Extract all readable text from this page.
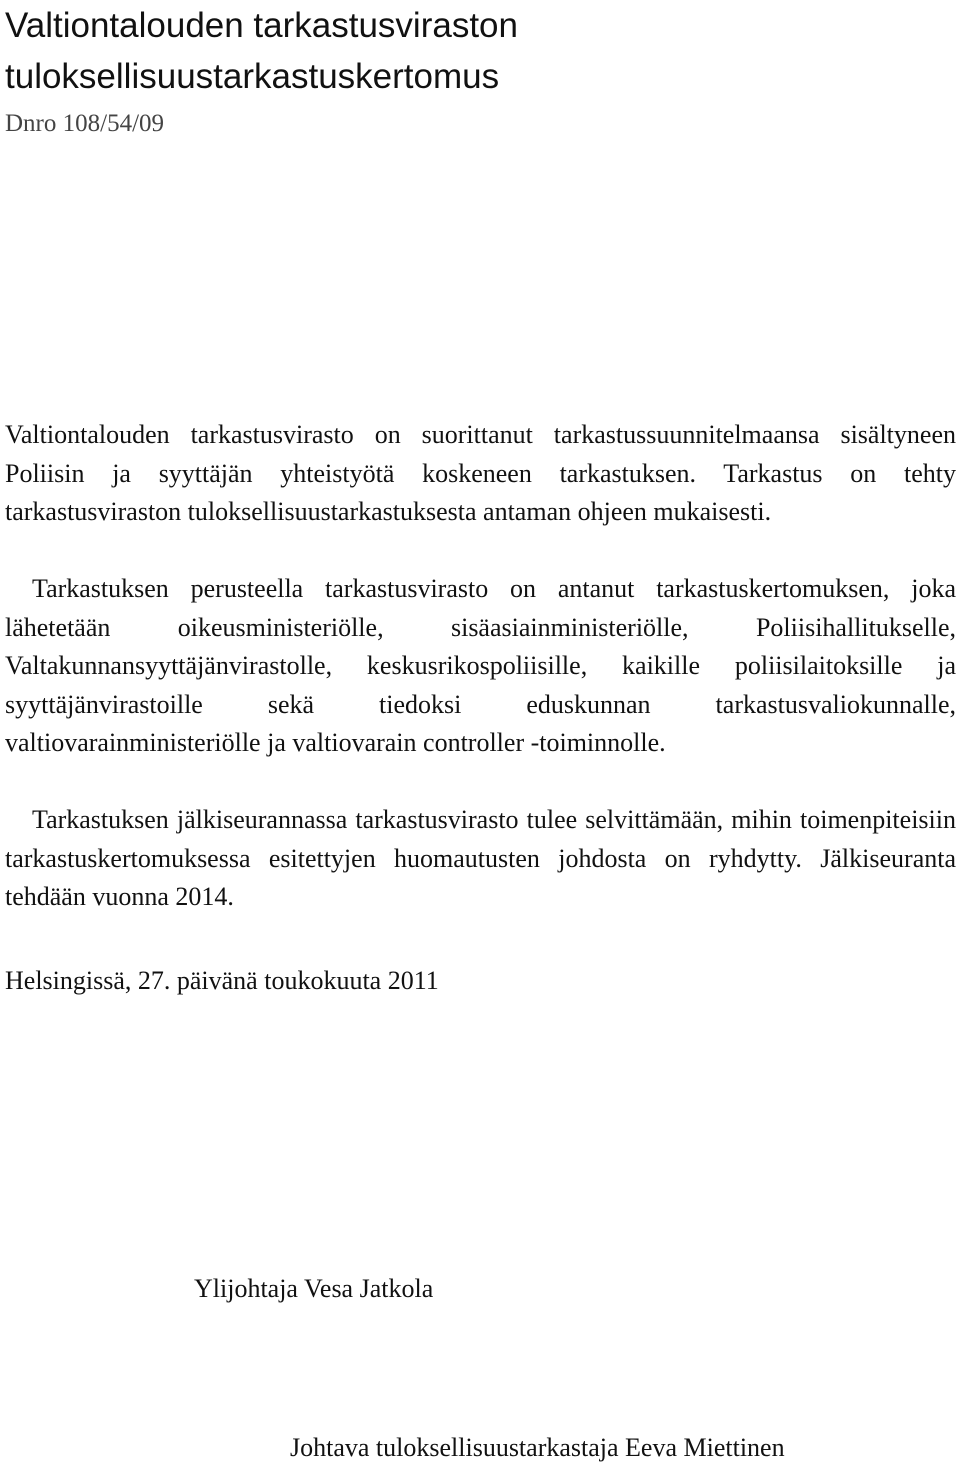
Valtiontalouden tarkastusviraston
tuloksellisuustarkastuskertomus
Dnro 108/54/09

Valtiontalouden tarkastusvirasto on suorittanut tarkastussuunnitelmaansa sisältyneen Poliisin ja syyttäjän yhteistyötä koskeneen tarkastuksen. Tarkastus on tehty tarkastusviraston tuloksellisuustarkastuksesta antaman ohjeen mukaisesti.

Tarkastuksen perusteella tarkastusvirasto on antanut tarkastuskertomuksen, joka lähetetään oikeusministeriölle, sisäasiainministeriölle, Poliisihallitukselle, Valtakunnansyyttäjänvirastolle, keskusrikospoliisille, kaikille poliisilaitoksille ja syyttäjänvirastoille sekä tiedoksi eduskunnan tarkastusvaliokunnalle, valtiovarainministeriölle ja valtiovarain controller -toiminnolle.

Tarkastuksen jälkiseurannassa tarkastusvirasto tulee selvittämään, mihin toimenpiteisiin tarkastuskertomuksessa esitettyjen huomautusten johdosta on ryhdytty. Jälkiseuranta tehdään vuonna 2014.

Helsingissä, 27. päivänä toukokuuta 2011
Ylijohtaja Vesa Jatkola
Johtava tuloksellisuustarkastaja Eeva Miettinen
